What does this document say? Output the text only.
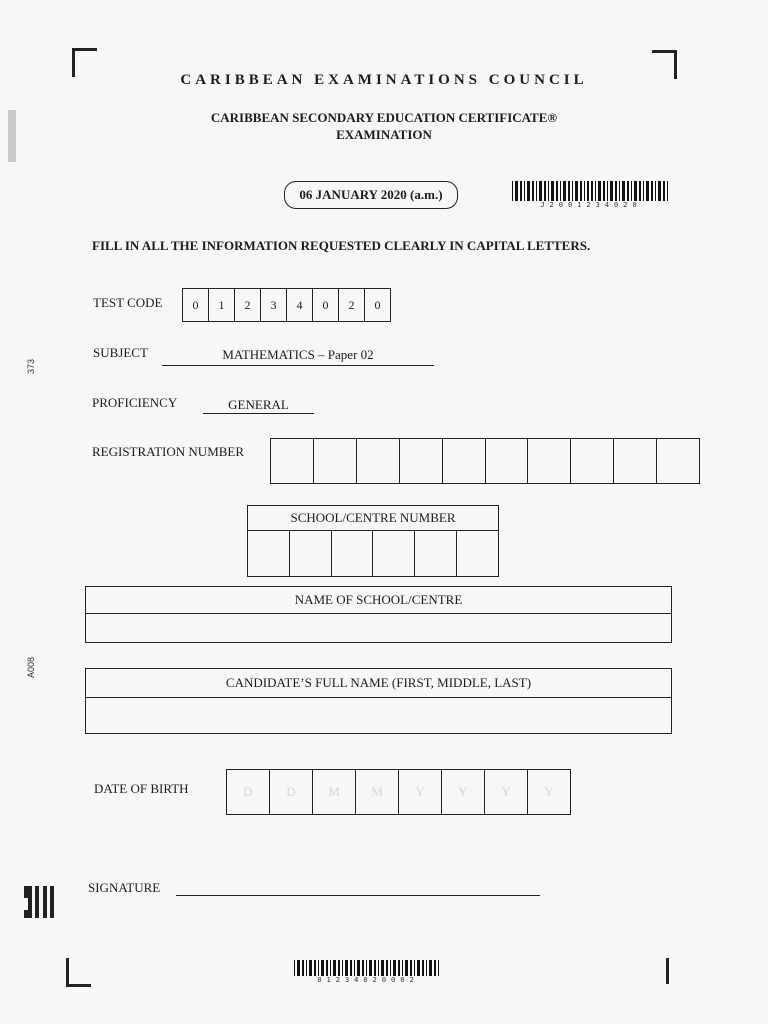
373
A008
CARIBBEAN EXAMINATIONS COUNCIL
CARIBBEAN SECONDARY EDUCATION CERTIFICATE®
EXAMINATION
06 JANUARY 2020 (a.m.)
J2001234020
FILL IN ALL THE INFORMATION REQUESTED CLEARLY IN CAPITAL LETTERS.
TEST CODE	0	1	2	3	4	0	2	0
SUBJECT	MATHEMATICS – Paper 02
PROFICIENCY	GENERAL
REGISTRATION NUMBER
SCHOOL/CENTRE NUMBER
NAME OF SCHOOL/CENTRE
CANDIDATE’S FULL NAME (FIRST, MIDDLE, LAST)
DATE OF BIRTH	D	D	M	M	Y	Y	Y	Y
SIGNATURE
01234020002
